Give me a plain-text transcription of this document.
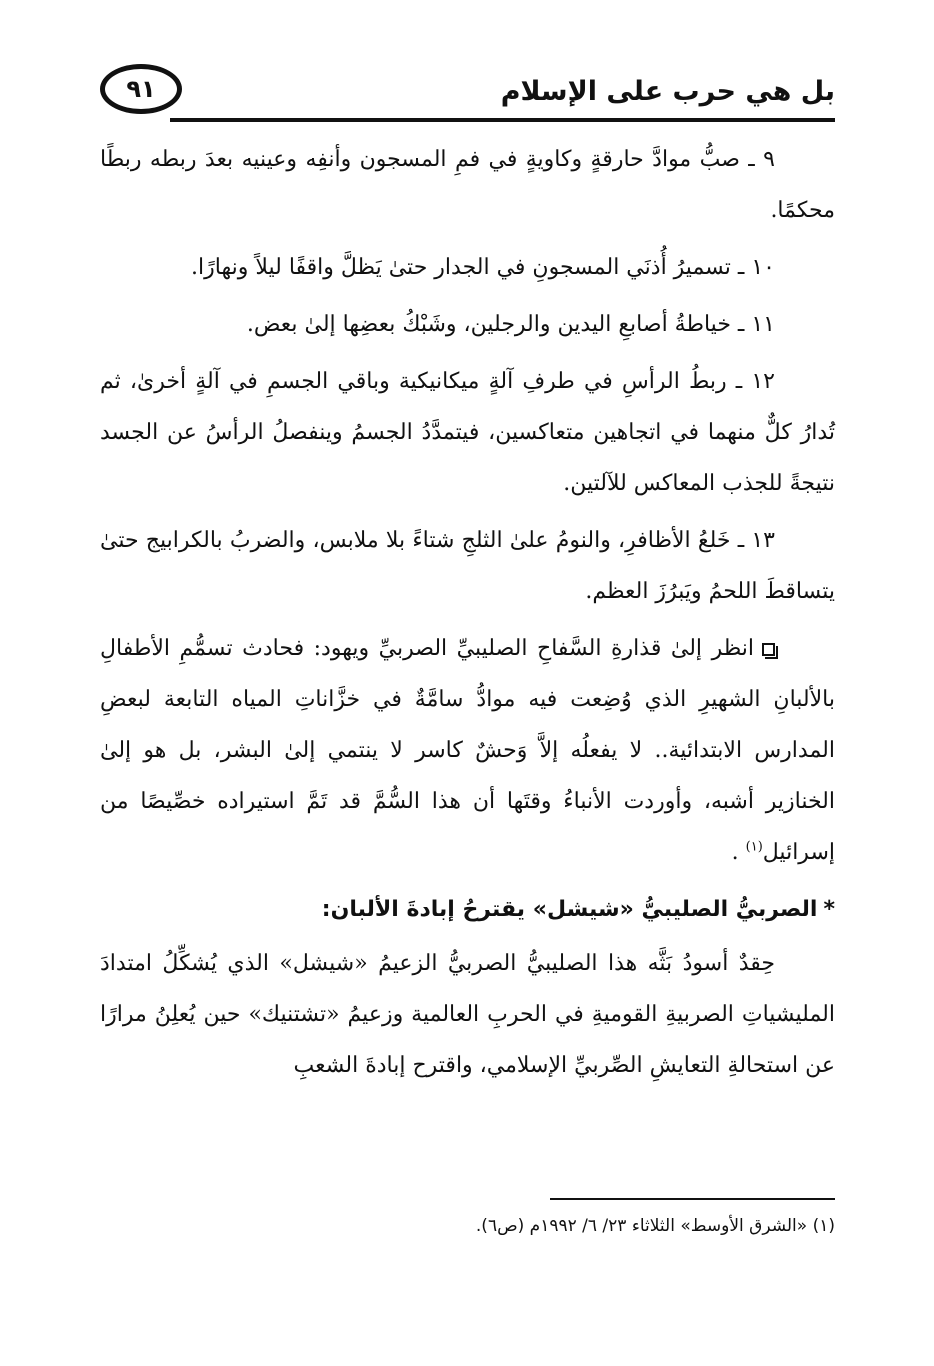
٩١	بل هي حرب على الإسلام

٩ ـ صبُّ موادَّ حارقةٍ وكاويةٍ في فمِ المسجون وأنفِه وعينيه بعدَ ربطه ربطًا محكمًا.

١٠ ـ تسميرُ أُذنَي المسجونِ في الجدار حتىٰ يَظلَّ واقفًا ليلاً ونهارًا.

١١ ـ خياطةُ أصابعِ اليدين والرجلين، وشَبْكُ بعضِها إلىٰ بعض.

١٢ ـ ربطُ الرأسِ في طرفِ آلةٍ ميكانيكية وباقي الجسمِ في آلةٍ أخرىٰ، ثم تُدارُ كلٌّ منهما في اتجاهين متعاكسين، فيتمدَّدُ الجسمُ وينفصلُ الرأسُ عن الجسد نتيجةً للجذب المعاكس للآلتين.

١٣ ـ خَلعُ الأظافرِ، والنومُ علىٰ الثلجِ شتاءً بلا ملابس، والضربُ بالكرابيج حتىٰ يتساقطَ اللحمُ ويَبرُزَ العظم.

انظر إلىٰ قذارةِ السَّفاحِ الصليبيِّ الصربيِّ ويهود: فحادث تسمُّمِ الأطفالِ بالألبانِ الشهيرِ الذي وُضِعت فيه موادُّ سامَّةٌ في خزَّاناتِ المياه التابعة لبعضِ المدارس الابتدائية.. لا يفعلُه إلاَّ وَحشٌ كاسر لا ينتمي إلىٰ البشر، بل هو إلىٰ الخنازير أشبه، وأوردت الأنباءُ وقتَها أن هذا السُّمَّ قد تَمَّ استيراده خصِّيصًا من إسرائيل$^{(١)}$ .

*الصربيُّ الصليبيُّ «شيشل» يقترحُ إبادةَ الألبان:

حِقدٌ أسودُ بَثَّه هذا الصليبيُّ الصربيُّ الزعيمُ «شيشل» الذي يُشكِّلُ امتدادَ المليشياتِ الصربيةِ القوميةِ في الحربِ العالمية وزعيمُ «تشتنيك» حين يُعلِنُ مرارًا عن استحالةِ التعايشِ الصِّربيِّ الإسلامي، واقترح إبادةَ الشعبِ

(١) «الشرق الأوسط» الثلاثاء ٢٣/ ٦/ ١٩٩٢م (ص٦).
